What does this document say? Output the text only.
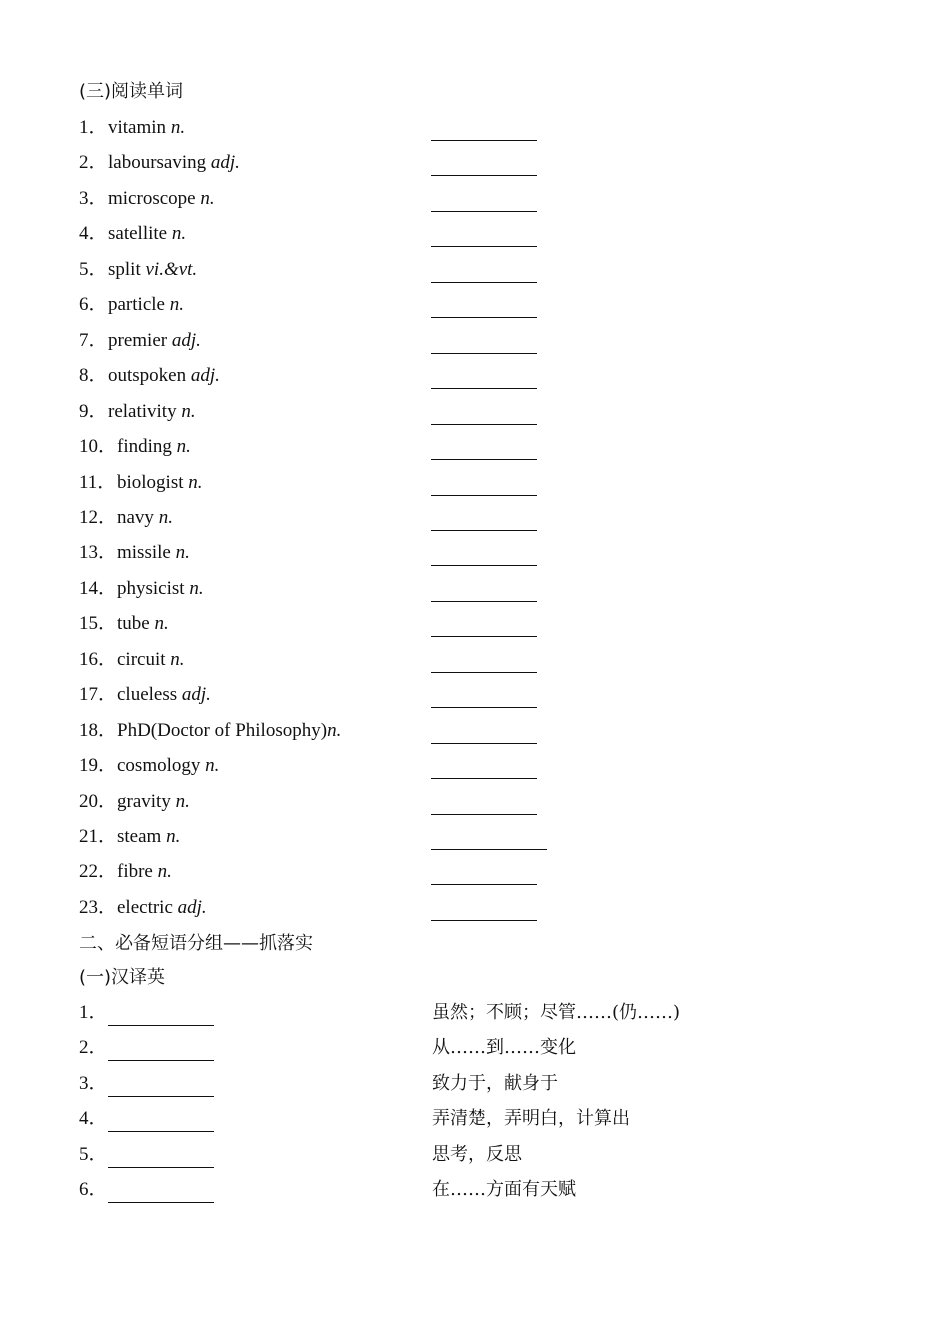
(三)阅读单词
1． vitamin n.
2． laboursaving adj.
3． microscope n.
4． satellite n.
5． split vi.&vt.
6． particle n.
7． premier adj.
8． outspoken adj.
9． relativity n.
10． finding n.
11． biologist n.
12． navy n.
13． missile n.
14． physicist n.
15． tube n.
16． circuit n.
17． clueless adj.
18． PhD(Doctor of Philosophy)n.
19． cosmology n.
20． gravity n.
21． steam n.
22． fibre n.
23． electric adj.
二、必备短语分组——抓落实
(一)汉译英
1．	虽然；不顾；尽管……(仍……)
2．	从……到……变化
3．	致力于，献身于
4．	弄清楚，弄明白，计算出
5．	思考，反思
6．	在……方面有天赋
